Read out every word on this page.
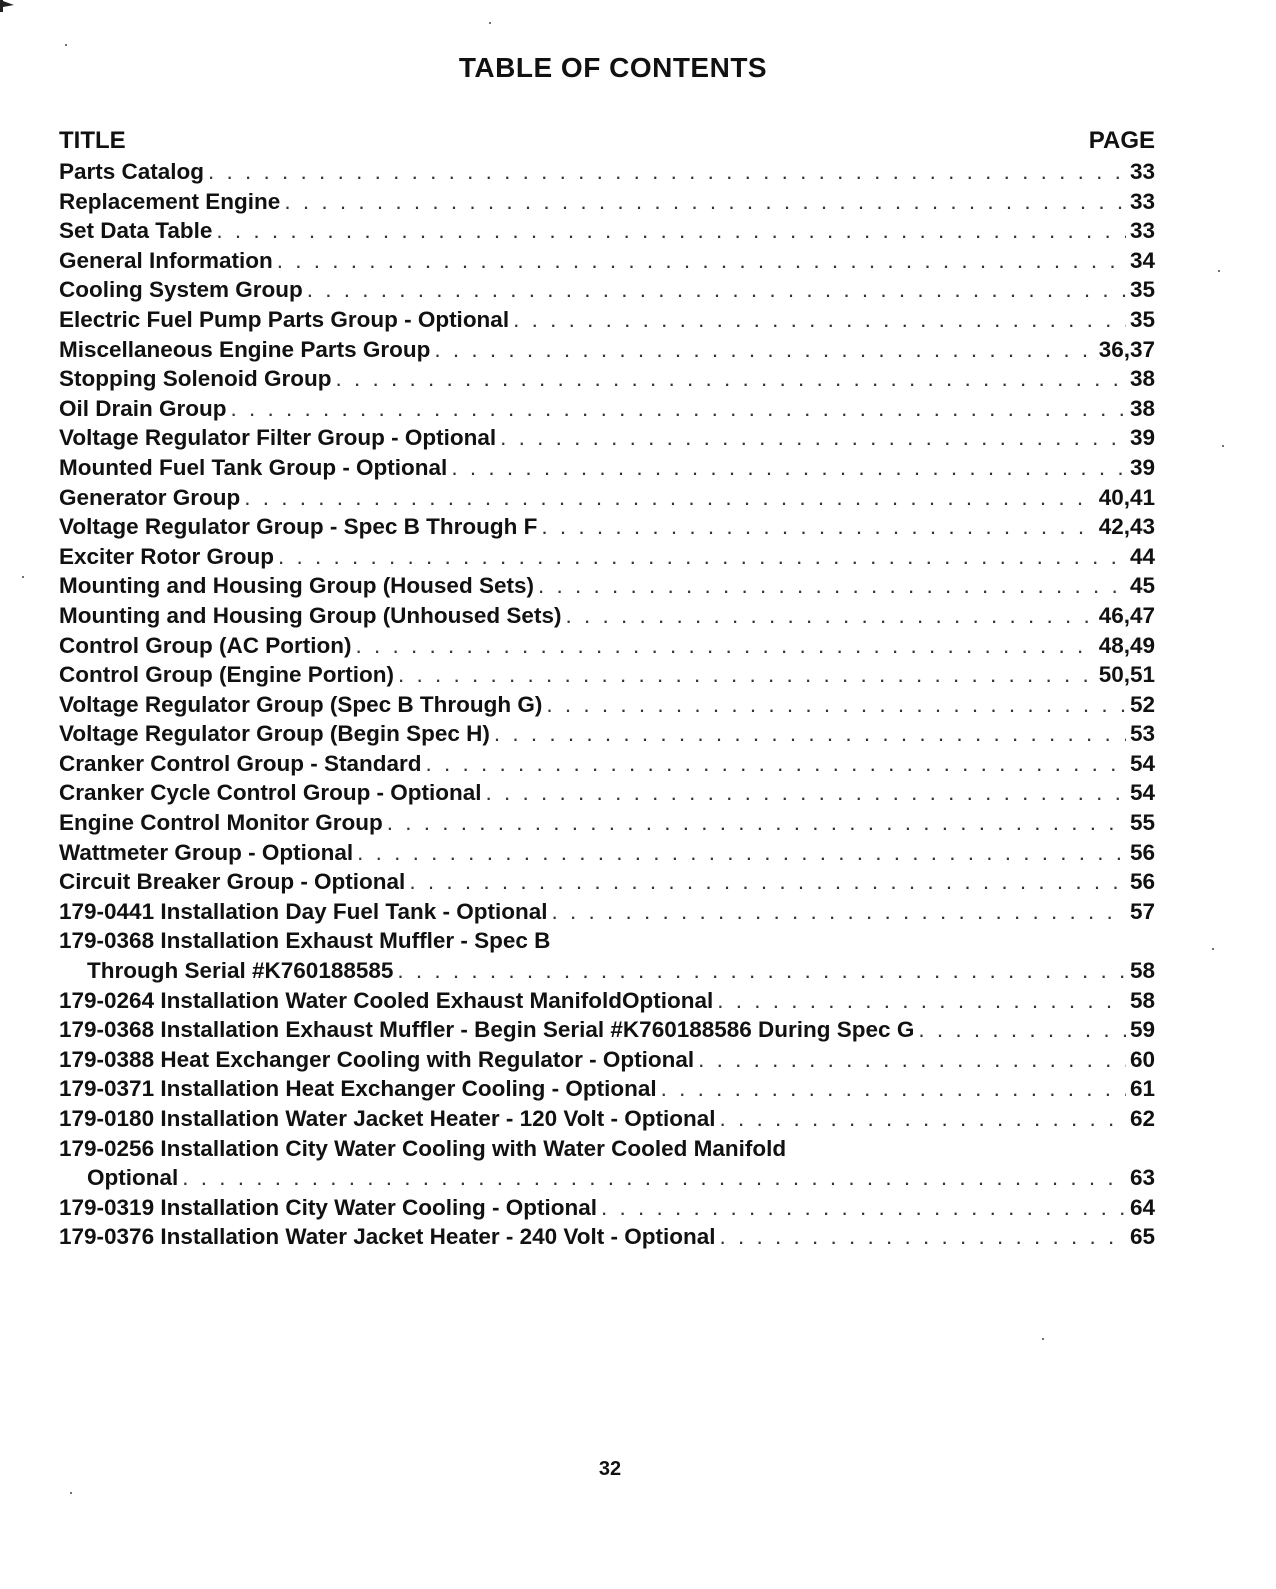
TABLE OF CONTENTS
TITLE	PAGE
Parts Catalog . . .	33
Replacement Engine . . .	33
Set Data Table . . .	33
General Information . . .	34
Cooling System Group . . .	35
Electric Fuel Pump Parts Group - Optional . . .	35
Miscellaneous Engine Parts Group . . .	36,37
Stopping Solenoid Group . . .	38
Oil Drain Group . . .	38
Voltage Regulator Filter Group - Optional . . .	39
Mounted Fuel Tank Group - Optional . . .	39
Generator Group . . .	40,41
Voltage Regulator Group - Spec B Through F . . .	42,43
Exciter Rotor Group . . .	44
Mounting and Housing Group (Housed Sets) . . .	45
Mounting and Housing Group (Unhoused Sets) . . .	46,47
Control Group (AC Portion) . . .	48,49
Control Group (Engine Portion) . . .	50,51
Voltage Regulator Group (Spec B Through G) . . .	52
Voltage Regulator Group (Begin Spec H) . . .	53
Cranker Control Group - Standard . . .	54
Cranker Cycle Control Group - Optional . . .	54
Engine Control Monitor Group . . .	55
Wattmeter Group - Optional . . .	56
Circuit Breaker Group - Optional . . .	56
179-0441 Installation Day Fuel Tank - Optional . . .	57
179-0368 Installation Exhaust Muffler - Spec B
Through Serial #K760188585 . . .	58
179-0264 Installation Water Cooled Exhaust ManifoldOptional . . .	58
179-0368 Installation Exhaust Muffler - Begin Serial #K760188586 During Spec G . . .	59
179-0388 Heat Exchanger Cooling with Regulator - Optional . . .	60
179-0371 Installation Heat Exchanger Cooling - Optional . . .	61
179-0180 Installation Water Jacket Heater - 120 Volt - Optional . . .	62
179-0256 Installation City Water Cooling with Water Cooled Manifold
Optional . . .	63
179-0319 Installation City Water Cooling - Optional . . .	64
179-0376 Installation Water Jacket Heater - 240 Volt - Optional . . .	65
32
